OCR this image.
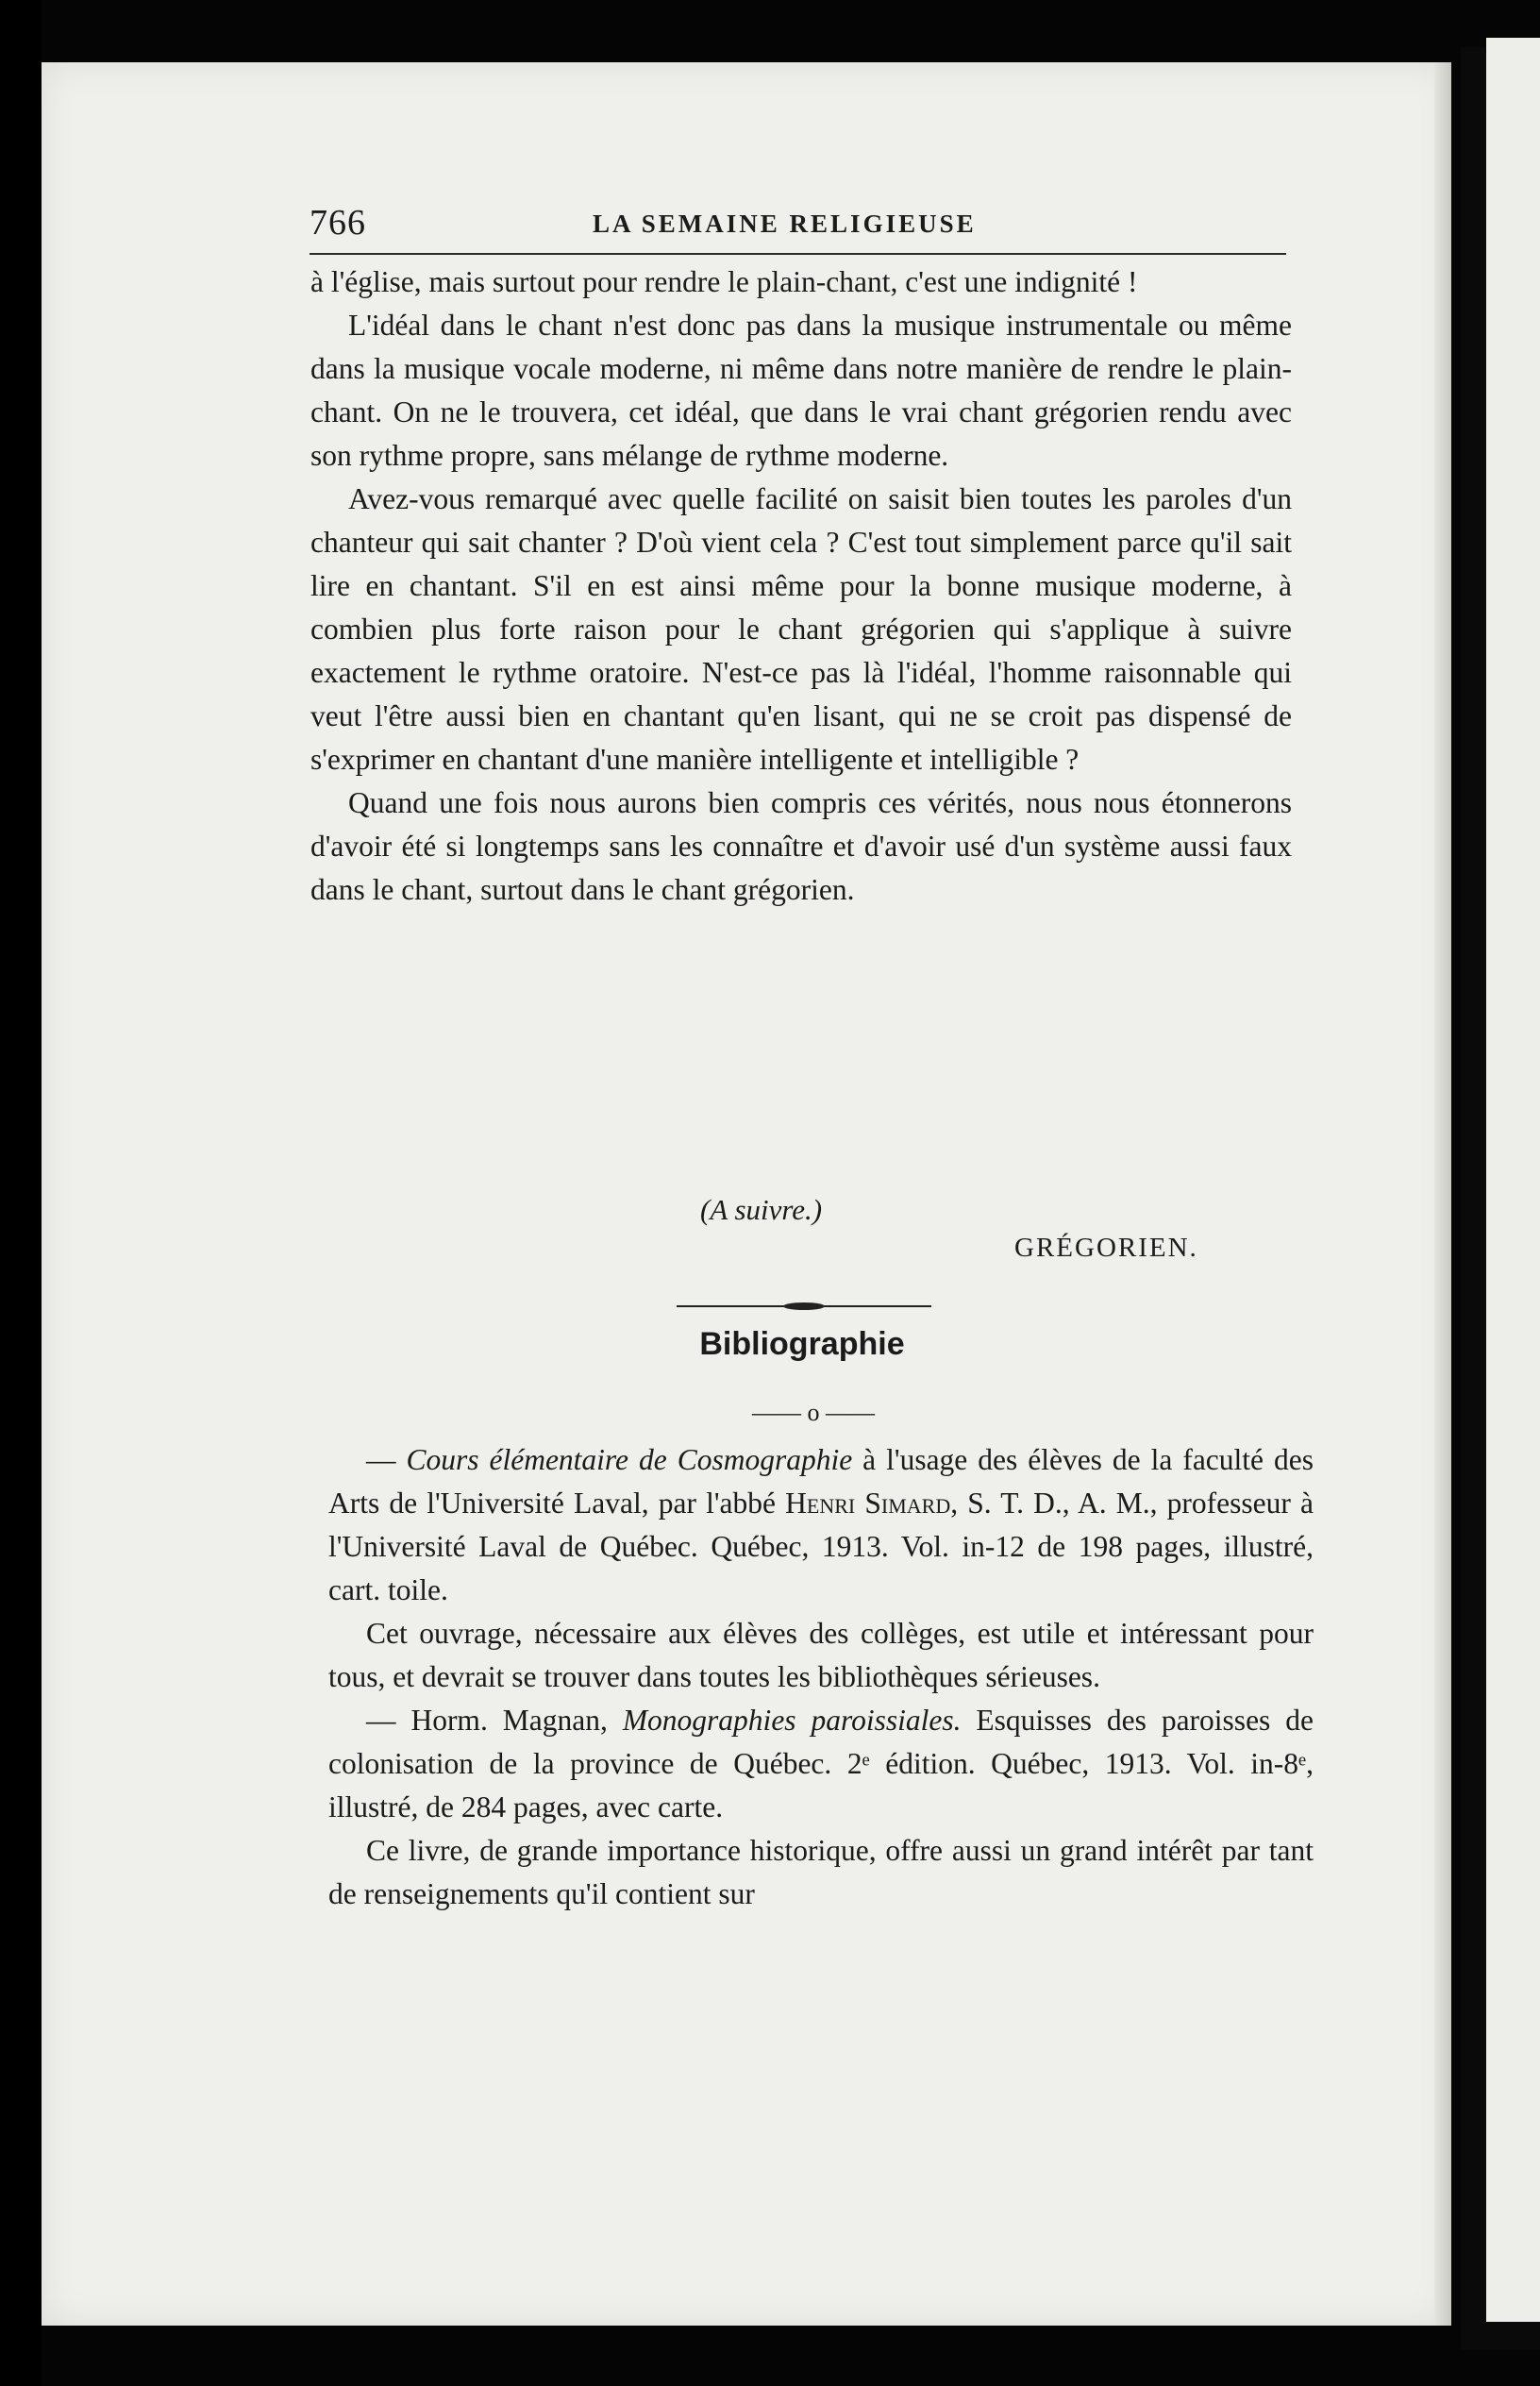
766	LA SEMAINE RELIGIEUSE

à l'église, mais surtout pour rendre le plain-chant, c'est une indignité !

L'idéal dans le chant n'est donc pas dans la musique instrumentale ou même dans la musique vocale moderne, ni même dans notre manière de rendre le plain-chant. On ne le trouvera, cet idéal, que dans le vrai chant grégorien rendu avec son rythme propre, sans mélange de rythme moderne.

Avez-vous remarqué avec quelle facilité on saisit bien toutes les paroles d'un chanteur qui sait chanter ? D'où vient cela ? C'est tout simplement parce qu'il sait lire en chantant. S'il en est ainsi même pour la bonne musique moderne, à combien plus forte raison pour le chant grégorien qui s'applique à suivre exactement le rythme oratoire. N'est-ce pas là l'idéal, l'homme raisonnable qui veut l'être aussi bien en chantant qu'en lisant, qui ne se croit pas dispensé de s'exprimer en chantant d'une manière intelligente et intelligible ?

Quand une fois nous aurons bien compris ces vérités, nous nous étonnerons d'avoir été si longtemps sans les connaître et d'avoir usé d'un système aussi faux dans le chant, surtout dans le chant grégorien.

(A suivre.)
GRÉGORIEN.
Bibliographie
—— o ——

— Cours élémentaire de Cosmographie à l'usage des élèves de la faculté des Arts de l'Université Laval, par l'abbé Henri Simard, S. T. D., A. M., professeur à l'Université Laval de Québec. Québec, 1913. Vol. in-12 de 198 pages, illustré, cart. toile.

Cet ouvrage, nécessaire aux élèves des collèges, est utile et intéressant pour tous, et devrait se trouver dans toutes les bibliothèques sérieuses.

— Horm. Magnan, Monographies paroissiales. Esquisses des paroisses de colonisation de la province de Québec. 2ᵉ édition. Québec, 1913. Vol. in-8ᵉ, illustré, de 284 pages, avec carte.

Ce livre, de grande importance historique, offre aussi un grand intérêt par tant de renseignements qu'il contient sur
